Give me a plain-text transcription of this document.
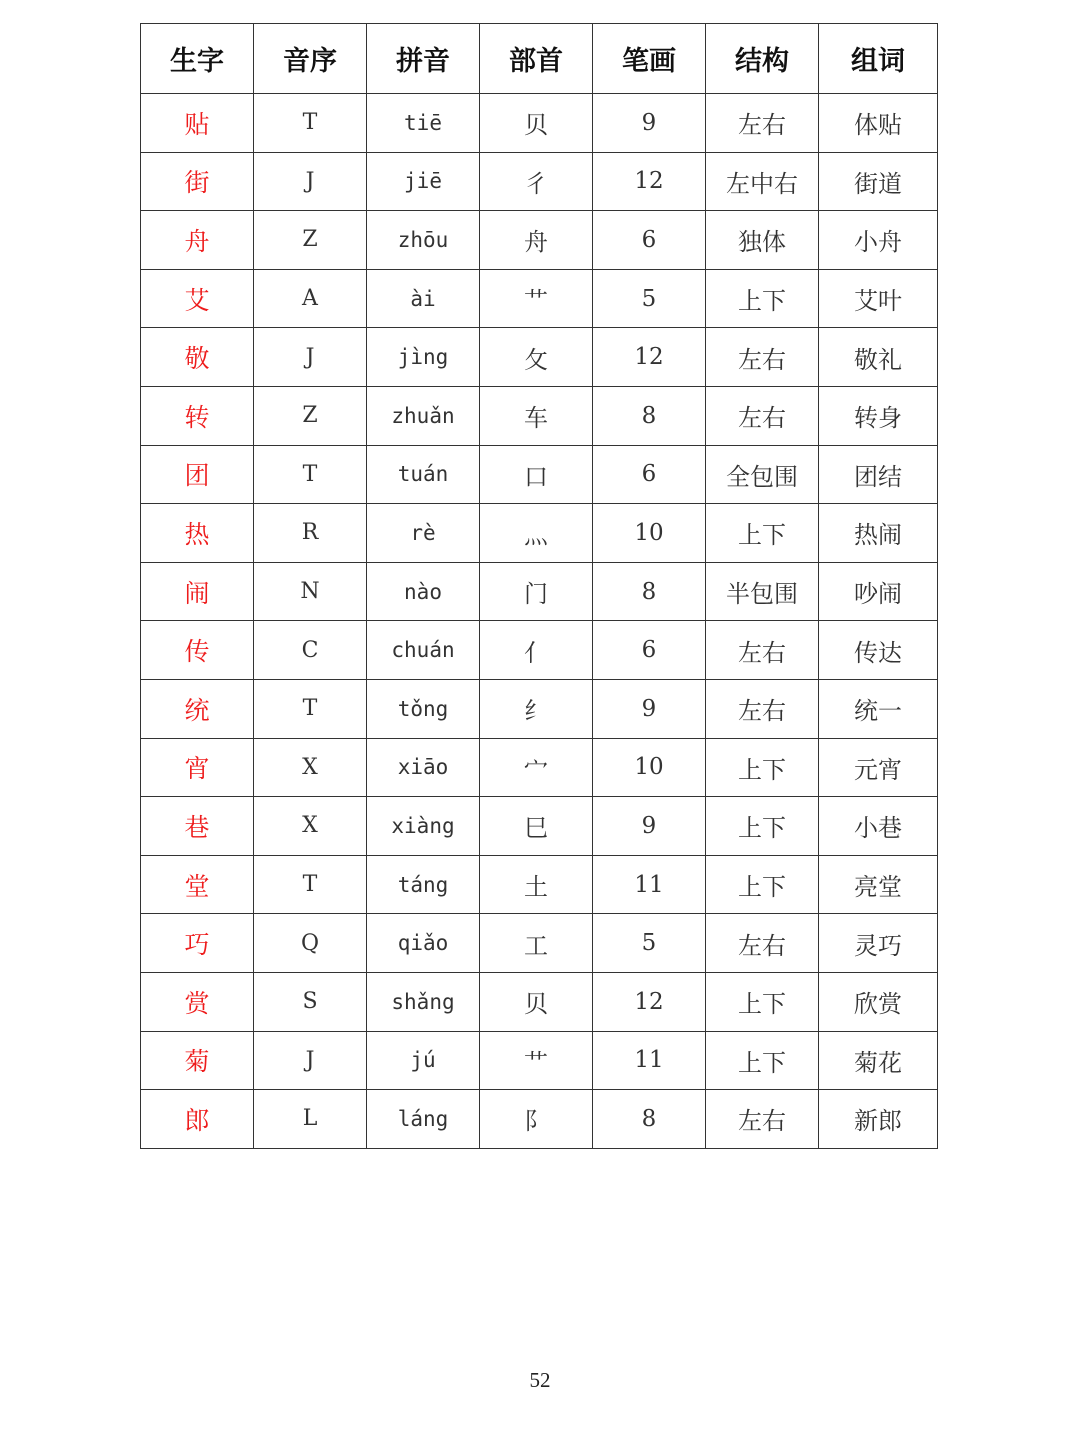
生字	音序	拼音	部首	笔画	结构	组词
贴	T	tiē	贝	9	左右	体贴
街	J	jiē	彳	12	左中右	街道
舟	Z	zhōu	舟	6	独体	小舟
艾	A	ài	艹	5	上下	艾叶
敬	J	jìng	攵	12	左右	敬礼
转	Z	zhuǎn	车	8	左右	转身
团	T	tuán	口	6	全包围	团结
热	R	rè	灬	10	上下	热闹
闹	N	nào	门	8	半包围	吵闹
传	C	chuán	亻	6	左右	传达
统	T	tǒng	纟	9	左右	统一
宵	X	xiāo	宀	10	上下	元宵
巷	X	xiàng	巳	9	上下	小巷
堂	T	táng	土	11	上下	亮堂
巧	Q	qiǎo	工	5	左右	灵巧
赏	S	shǎng	贝	12	上下	欣赏
菊	J	jú	艹	11	上下	菊花
郎	L	láng	阝	8	左右	新郎
52
